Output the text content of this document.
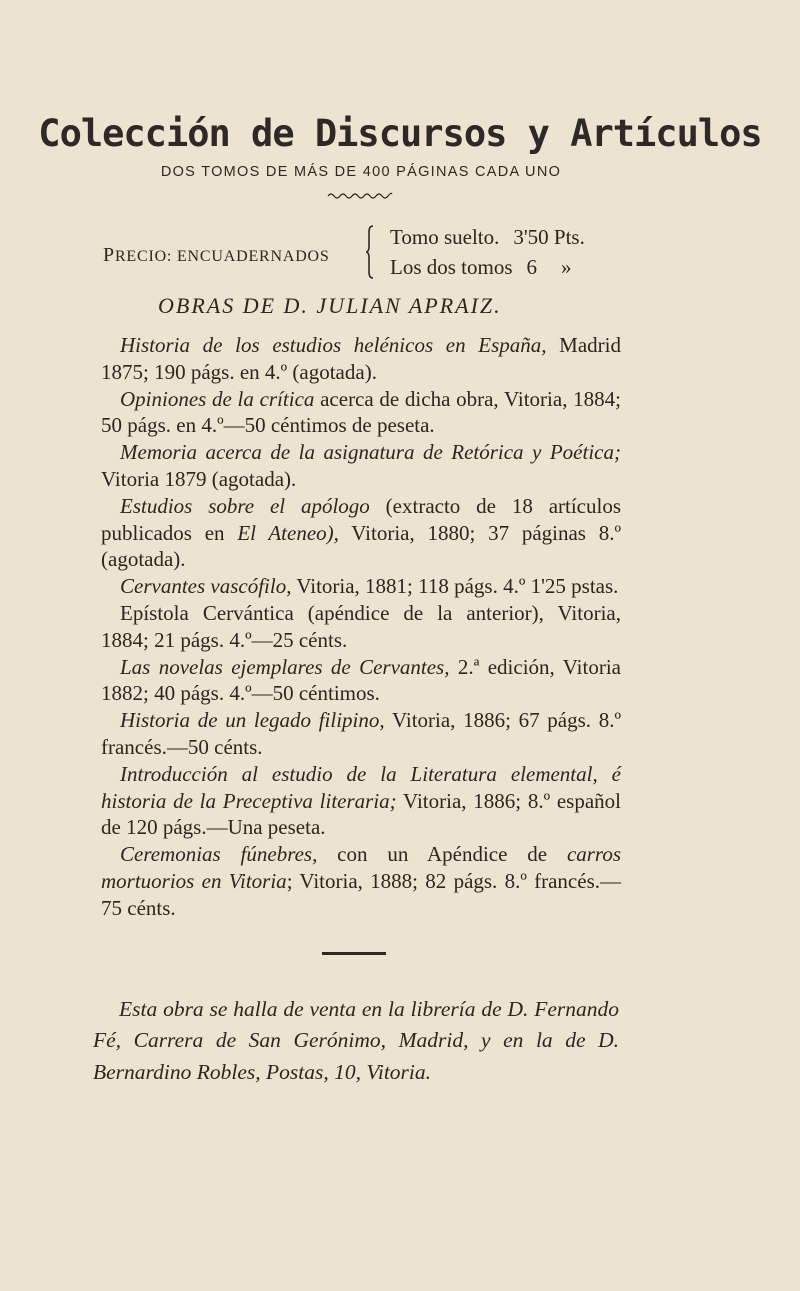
Colección de Discursos y Artículos
DOS TOMOS DE MÁS DE 400 PÁGINAS CADA UNO
PRECIO: ENCUADERNADOS
Tomo suelto. 3'50 Pts.
Los dos tomos 6 »
OBRAS DE D. JULIAN APRAIZ.

Historia de los estudios helénicos en España, Madrid 1875; 190 págs. en 4.º (agotada).

Opiniones de la crítica acerca de dicha obra, Vitoria, 1884; 50 págs. en 4.º—50 céntimos de peseta.

Memoria acerca de la asignatura de Retórica y Poética; Vitoria 1879 (agotada).

Estudios sobre el apólogo (extracto de 18 artículos publicados en El Ateneo), Vitoria, 1880; 37 páginas 8.º (agotada).

Cervantes vascófilo, Vitoria, 1881; 118 págs. 4.º 1'25 pstas.

Epístola Cervántica (apéndice de la anterior), Vitoria, 1884; 21 págs. 4.º—25 cénts.

Las novelas ejemplares de Cervantes, 2.ª edición, Vitoria 1882; 40 págs. 4.º—50 céntimos.

Historia de un legado filipino, Vitoria, 1886; 67 págs. 8.º francés.—50 cénts.

Introducción al estudio de la Literatura elemental, é historia de la Preceptiva literaria; Vitoria, 1886; 8.º español de 120 págs.—Una peseta.

Ceremonias fúnebres, con un Apéndice de carros mortuorios en Vitoria; Vitoria, 1888; 82 págs. 8.º francés.—75 cénts.

Esta obra se halla de venta en la librería de D. Fernando Fé, Carrera de San Gerónimo, Madrid, y en la de D. Bernardino Robles, Postas, 10, Vitoria.
